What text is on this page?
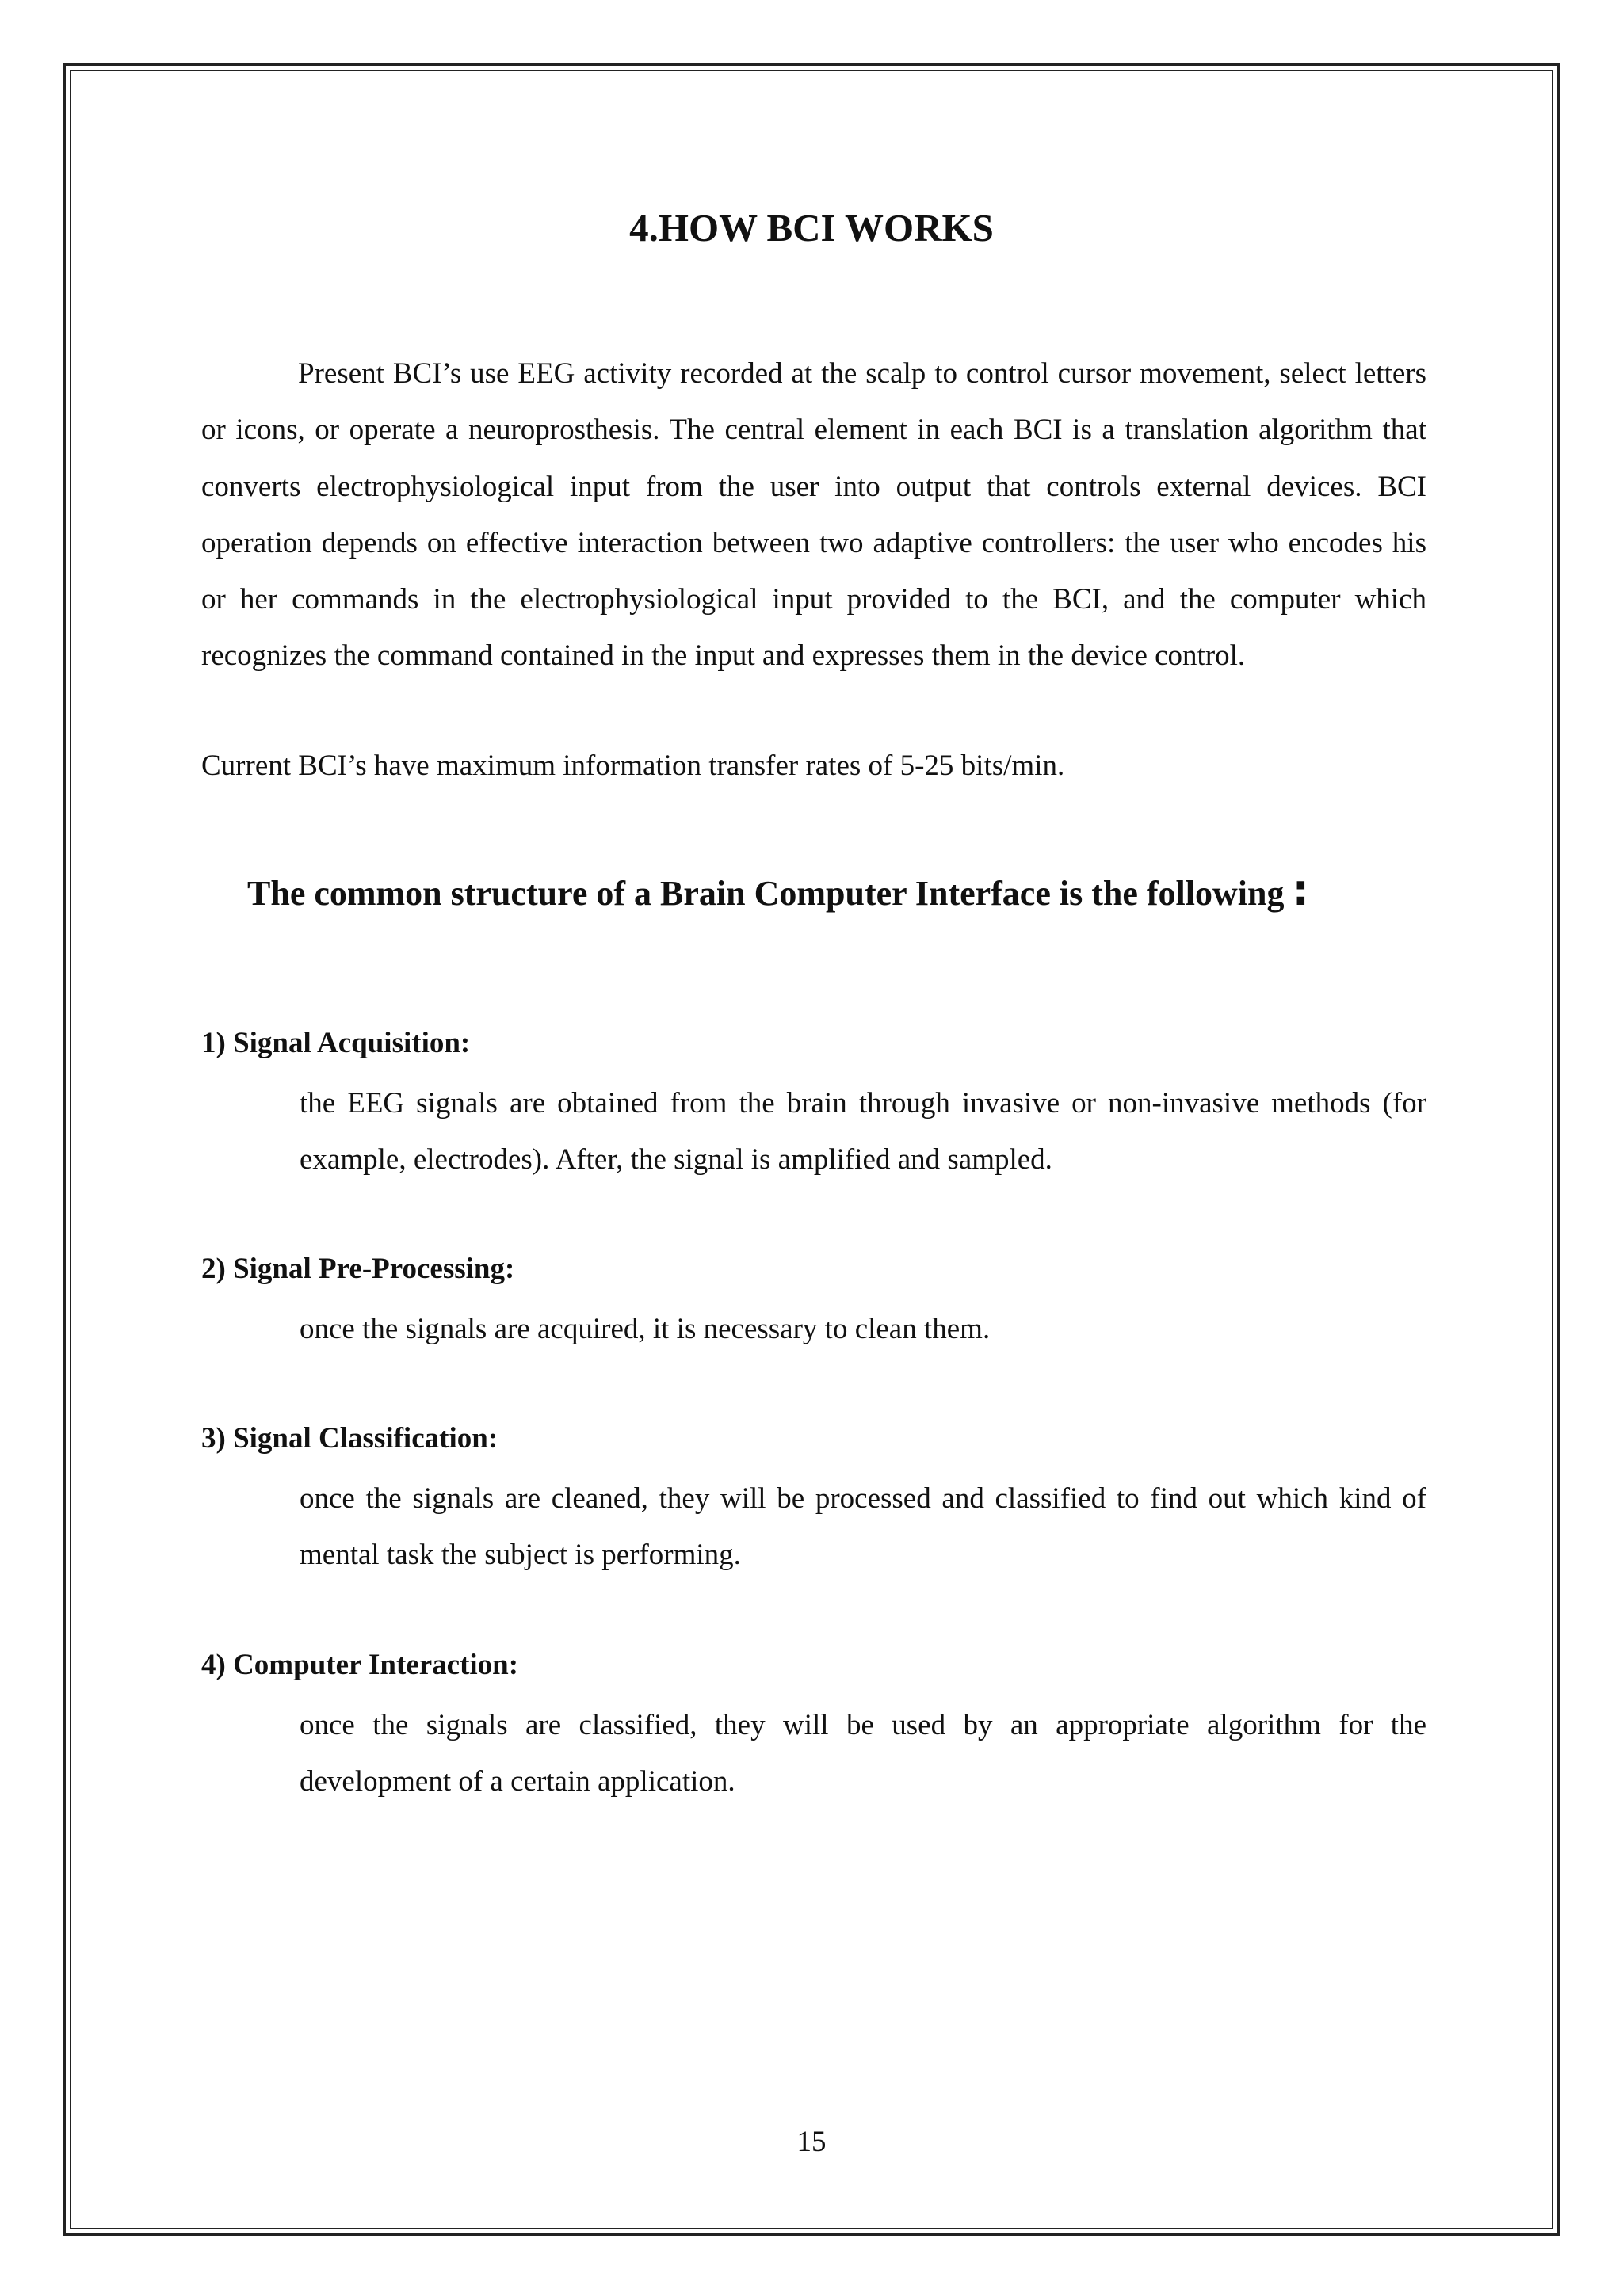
4.HOW BCI WORKS

Present BCI’s use EEG activity recorded at the scalp to control cursor movement, select letters or icons, or operate a neuroprosthesis. The central element in each BCI is a translation algorithm that converts electrophysiological input from the user into output that controls external devices. BCI operation depends on effective interaction between two adaptive controllers: the user who encodes his or her commands in the electrophysiological input provided to the BCI, and the computer which recognizes the command contained in the input and expresses them in the device control.

Current BCI’s have maximum information transfer rates of 5-25 bits/min.

The common structure of a Brain Computer Interface is the following :
1) Signal Acquisition:

the EEG signals are obtained from the brain through invasive or non-invasive methods (for example, electrodes). After, the signal is amplified and sampled.

2) Signal Pre-Processing:

once the signals are acquired, it is necessary to clean them.

3) Signal Classification:

once the signals are cleaned, they will be processed and classified to find out which kind of mental task the subject is performing.

4) Computer Interaction:

once the signals are classified, they will be used by an appropriate algorithm for the development of a certain application.

15
